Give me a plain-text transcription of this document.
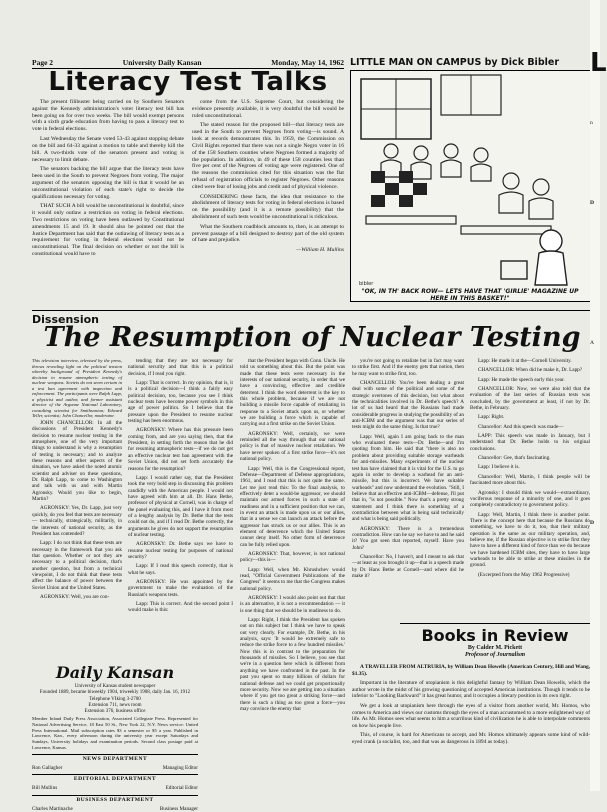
Page 2	University Daily Kansan	Monday, May 14, 1962
Literacy Test Talks

The present filibuster being carried on by Southern Senators against the Kennedy administration's voter literacy test bill has been going on for over two weeks. The bill would exempt persons with a sixth grade education from having to pass a literacy test to vote in federal elections.

Last Wednesday the Senate voted 53-43 against stopping debate on the bill and 64-33 against a motion to table and thereby kill the bill. A two-thirds vote of the senators present and voting is necessary to limit debate.

The senators backing the bill argue that the literacy tests have been used in the South to prevent Negroes from voting. The major argument of the senators opposing the bill is that it would be an unconstitutional violation of each state's right to decide the qualifications necessary for voting.

THAT SUCH A bill would be unconstitutional is doubtful, since it would only outlaw a restriction on voting in federal elections. Two restrictions on voting have been outlawed by Constitutional amendments 15 and 19. It should also be pointed out that the Justice Department has said that the outlawing of literacy tests as a requirement for voting in federal elections would not be unconstitutional. The final decision on whether or not the bill is constitutional would have to

come from the U.S. Supreme Court, but considering the evidence presently available, it is very doubtful the bill would be ruled unconstitutional.

The stated reason for the proposed bill—that literacy tests are used in the South to prevent Negroes from voting—is sound. A look at records demonstrates this. In 1959, the Commission on Civil Rights reported that there was not a single Negro voter in 16 of the 158 Southern counties where Negroes formed a majority of the population. In addition, in 49 of these 158 counties less than five per cent of the Negroes of voting age were registered. One of the reasons the commission cited for this situation was the flat refusal of registration officials to register Negroes. Other reasons cited were fear of losing jobs and credit and of physical violence.

CONSIDERING these facts, the idea that resistance to the abolishment of literacy tests for voting in federal elections is based on the possibility (and it is a remote possibility) that the abolishment of such tests would be unconstitutional is ridiculous.

What the Southern roadblock amounts to, then, is an attempt to prevent passage of a bill designed to destroy part of the old system of hate and prejudice.

—William H. Mullins
LITTLE MAN ON CAMPUS by Dick Bibler
bibler
"OK, IN TH' BACK ROW— LETS HAVE THAT 'GIRLIE' MAGAZINE UP HERE IN THIS BASKET!"
Dissension
The Resumption of Nuclear Testing
This television interview, televised by the press, throws revealing light on the political tension whereby background of President Kennedy's decision to resume atmospheric testing of nuclear weapons. Soviets do not seem certain in a test ban agreement with inspection and enforcement. The participants were Ralph Lapp, a physicist and author, and former assistant director of the Argonne National Laboratory, consulting scientist for Smithsonian; Edward Teller, scientist; John Chancellor, moderator.

JOHN CHANCELLOR: In all the discussions of President Kennedy's decision to resume nuclear testing in the atmosphere, one of the very important things to understand is why a resumption of testing is necessary; and to analyze these reasons and other aspects of the situation, we have asked the noted atomic scientist and adviser on these questions, Dr. Ralph Lapp, to come to Washington and talk with us and with Martin Agronsky. Would you like to begin, Martin?

AGRONSKY: Yes, Dr. Lapp, just very quickly, do you feel that tests are necessary — technically, strategically, militarily, in the interests of national security, as the President has contended?

Lapp: I do not think that these tests are necessary in the framework that you ask that question. Whether or not they are necessary to a political decision, that's another question, but from a technical viewpoint, I do not think that these tests affect the balance of power between the Soviet Union and the United States.

AGRONSKY: Well, you are con-

tending that they are not necessary for national security and that this is a political decision, if I read you right.

Lapp: That is correct. In my opinion, that is, it is a political decision—I think a fairly easy political decision, too, because you see I think nuclear tests have become power symbols in this age of power politics. So I believe that the pressure upon the President to resume nuclear testing has been enormous.

AGRONSKY: Where has this pressure been coming from, and are you saying then, that the President, in setting forth the reason that he did for resuming atmospheric tests—if we do not get an effective nuclear test ban agreement with the Soviet Union, did not set forth accurately the reasons for the resumption?

Lapp: I would rather say, that the President took the very bold step in discussing this problem candidly with the American people. I would not have agreed with him at all. Dr. Hans Bethe, professor of physical at Cornell, was in charge of the panel evaluating this, and I have it from most of a lengthy analysis by Dr. Bethe that the tests could not do, and if I read Dr. Bethe correctly, the arguments he gives do not support the resumption of nuclear testing.

AGRONSKY: Dr. Bethe says we have to resume nuclear testing for purposes of national security?

Lapp: If I read this speech correctly, that is what he says.

AGRONSKY: He was appointed by the government to make the evaluation of the Russian's weapons tests.

Lapp: This is correct. And the second point I would make is this:

that the President began with Conn. Uncle. He told us something about this. But the point was made that these tests were necessary in the interests of our national security, in order that we have a convincing, effective and credible deterrent. I think the word deterrent is the key to this whole problem, because if we are not building a missile force capable of retaliating in response to a Soviet attack upon us, or whether we are building a force which is capable of carrying out a first strike on the Soviet Union.

AGRONSKY: Well, certainly, we were reminded all the way through that our national policy is that of massive nuclear retaliation. We have never spoken of a first strike force—it's not national policy.

Lapp: Well, this is the Congressional report, Defense—Department of Defense appropriations, 1961, and I read that this is not quite the same. Let me just read this: To the final analysis, to effectively deter a would-be aggressor, we should maintain our armed forces in such a state of readiness and in a sufficient position that we can, in event an attack is made upon us or our allies, that in a sense we can launch an attack before the aggressor has struck us or our allies. This is an element of deterrence which the United States cannot deny itself. No other form of deterrence can be fully relied upon.

AGRONSKY: That, however, is not national policy—this is—

Lapp: Well, when Mr. Khrushchev would read, "Official Government Publications of the Congress" it seems to me that the Congress makes national policy.

AGRONSKY: I would also point out that that is an alternative, it is not a recommendation — it is one thing that we should be in readiness to do.

Lapp: Right, I think the President has spoken out on this subject but I think we have to speak out very clearly. For example, Dr. Bethe, in his analysis, says: 'It would be extremely safe to reduce the strike force to a few hundred missiles.' Now this is in contrast to the preparation for thousands of missiles. So I believe, you see that we're in a question here which is different from anything we have confronted in the past. In the past you spent so many billions of dollars for national defense and we could get proportionally more security. Now we are getting into a situation where if you get too great a striking force—and there is such a thing as too great a force—you may convince the enemy that

you're not going to retaliate but in fact may want to strike first. And if the enemy gets that notion, then he may want to strike first, too.

CHANCELLOR: You've been dealing a great deal with some of the political and some of the strategic overtones of this decision, but what about the technicalities involved in Dr. Bethe's speech? A lot of us had heard that the Russians had made considerable progress in studying the possibility of an anti-ICBM and the argument was that our series of tests might do the same thing. Is that true?

Lapp: Well, again I am going back to the man who evaluated these tests—Dr. Bethe—and I'm quoting from him. He said that "there is also no problem about providing suitable storage warheads for anti-missiles. Many experiments of the nuclear test ban have claimed that it is vital for the U.S. to go again in order to develop a warhead for an anti-missile, but this is incorrect. We have suitable warheads" and now understand the evolution. "Still, I believe that an effective anti-ICBM—defense, I'll put that in, "is not possible." Now that's a pretty strong statement and I think there is something of a contradiction between what is being said technically and what is being said politically.

AGRONSKY: There is a tremendous contradiction. How can he say we have to and he said it? You got seen that reported, myself. Have you John?

Chancellor: No, I haven't, and I meant to ask that—at least as you brought it up—that is a speech made by Dr. Hans Bethe at Cornell—and where did he make it?

Lapp: He made it at the—Cornell University.

CHANCELLOR: When did he make it, Dr. Lapp?

Lapp: He made the speech early this year.

CHANCELLOR: Now, we were also told that the evaluation of the last series of Russian tests was concluded, by the government at least, if not by Dr. Bethe, in February.

Lapp: Right.

Chancellor: And this speech was made—

LAPP: This speech was made in January, but I understand that Dr. Bethe holds to his original conclusions.

Chancellor: Gee, that's fascinating.

Lapp: I believe it is.

Chancellor: Well, Martin, I think people will be fascinated more about this.

Agronsky: I should think we would—extraordinary, vociferous response of a minority of one, and it goes completely contradictory to government policy.

Lapp: Well, Martin, I think there is another point. There is the concept here that because the Russians do something, we have to do it, too, that their military operation is the same as our military operation, and, believe me, if the Russian objective is to strike first they have to have a different kind of force than we do because we have hardened ICBM sites, they have to have large warheads to be able to strike at these missiles in the ground.

(Excerpted from the May 1962 Progressive)

Daily Kansan
University of Kansas student newspaper
Founded 1889, became biweekly 1904, triweekly 1908, daily Jan. 16, 1912
Telephone VIking 3-2700
Extension 711, news room
Extension 376, business office
Member Inland Daily Press Association, Associated Collegiate Press. Represented for National Advertising Service, 18 East 50 St., New York 22, N.Y. News service: United Press International. Mail subscription rates $3 a semester or $5 a year. Published in Lawrence, Kan., every afternoon during the university year except Saturdays and Sundays, University holidays and examination periods. Second class postage paid at Lawrence, Kansas.
NEWS DEPARTMENT
Ron Gallagher	Managing Editor
EDITORIAL DEPARTMENT
Bill Mullins	Editorial Editor
BUSINESS DEPARTMENT
Charles Martinache	Business Manager
Books in Review
By Calder M. Pickett
Professor of Journalism

A TRAVELLER FROM ALTRURIA, by William Dean Howells (American Century, Hill and Wang, $1.35).

Important in the literature of utopianism is this delightful fantasy by William Dean Howells, which the author wrote in the midst of his growing questioning of accepted American institutions. Though it tends to be inferior to "Looking Backward" it has great humor, and it occupies a literary position in its own right.

We get a look at utopianism here through the eyes of a visitor from another world, Mr. Homos, who comes to America and views our customs through the eyes of a man accustomed to a more enlightened way of life. As Mr. Homos sees what seems to him a scurrilous kind of civilization he is able to interpolate comments on how his people live.

This, of course, is hard for Americans to accept, and Mr. Homos ultimately appears some kind of wild-eyed crank (a socialist, too, and that was as dangerous in 1894 as today).

L
n
D
A
D
